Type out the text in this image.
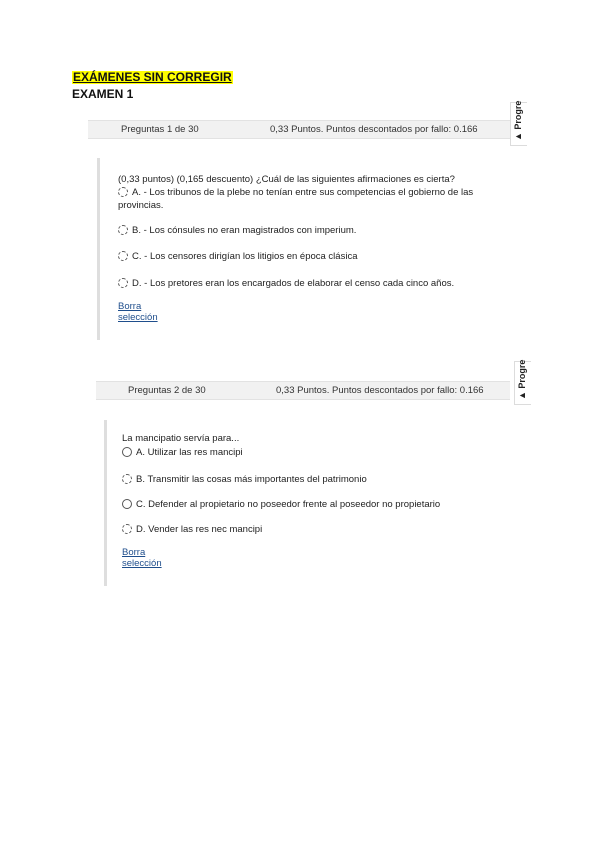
EXÁMENES SIN CORREGIR
EXAMEN 1
Preguntas 1 de 30	0,33 Puntos. Puntos descontados por fallo: 0.166	▲ Progre
(0,33 puntos) (0,165 descuento) ¿Cuál de las siguientes afirmaciones es cierta?
A. - Los tribunos de la plebe no tenían entre sus competencias el gobierno de las provincias.
B. - Los cónsules no eran magistrados con imperium.
C. - Los censores dirigían los litigios en época clásica
D. - Los pretores eran los encargados de elaborar el censo cada cinco años.
Borra selección
Preguntas 2 de 30	0,33 Puntos. Puntos descontados por fallo: 0.166	▲ Progre
La mancipatio servía para...
A. Utilizar las res mancipi
B. Transmitir las cosas más importantes del patrimonio
C. Defender al propietario no poseedor frente al poseedor no propietario
D. Vender las res nec mancipi
Borra selección
